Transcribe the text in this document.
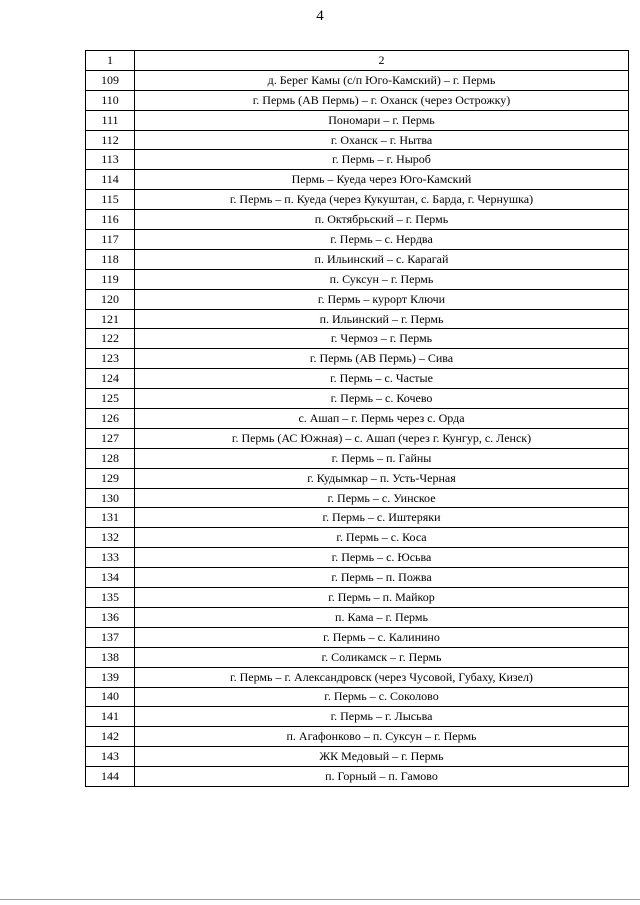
4
1	2
109	д. Берег Камы (с/п Юго-Камский) – г. Пермь
110	г. Пермь (АВ Пермь) – г. Оханск (через Острожку)
111	Пономари – г. Пермь
112	г. Оханск – г. Нытва
113	г. Пермь – г. Ныроб
114	Пермь – Куеда через Юго-Камский
115	г. Пермь – п. Куеда (через Кукуштан, с. Барда, г. Чернушка)
116	п. Октябрьский – г. Пермь
117	г. Пермь – с. Нердва
118	п. Ильинский – с. Карагай
119	п. Суксун – г. Пермь
120	г. Пермь – курорт Ключи
121	п. Ильинский – г. Пермь
122	г. Чермоз – г. Пермь
123	г. Пермь (АВ Пермь) – Сива
124	г. Пермь – с. Частые
125	г. Пермь – с. Кочево
126	с. Ашап – г. Пермь через с. Орда
127	г. Пермь (АС Южная) – с. Ашап (через г. Кунгур, с. Ленск)
128	г. Пермь – п. Гайны
129	г. Кудымкар – п. Усть-Черная
130	г. Пермь – с. Уинское
131	г. Пермь – с. Иштеряки
132	г. Пермь – с. Коса
133	г. Пермь – с. Юсьва
134	г. Пермь – п. Пожва
135	г. Пермь – п. Майкор
136	п. Кама – г. Пермь
137	г. Пермь – с. Калинино
138	г. Соликамск – г. Пермь
139	г. Пермь – г. Александровск (через Чусовой, Губаху, Кизел)
140	г. Пермь – с. Соколово
141	г. Пермь – г. Лысьва
142	п. Агафонково – п. Суксун – г. Пермь
143	ЖК Медовый – г. Пермь
144	п. Горный – п. Гамово
